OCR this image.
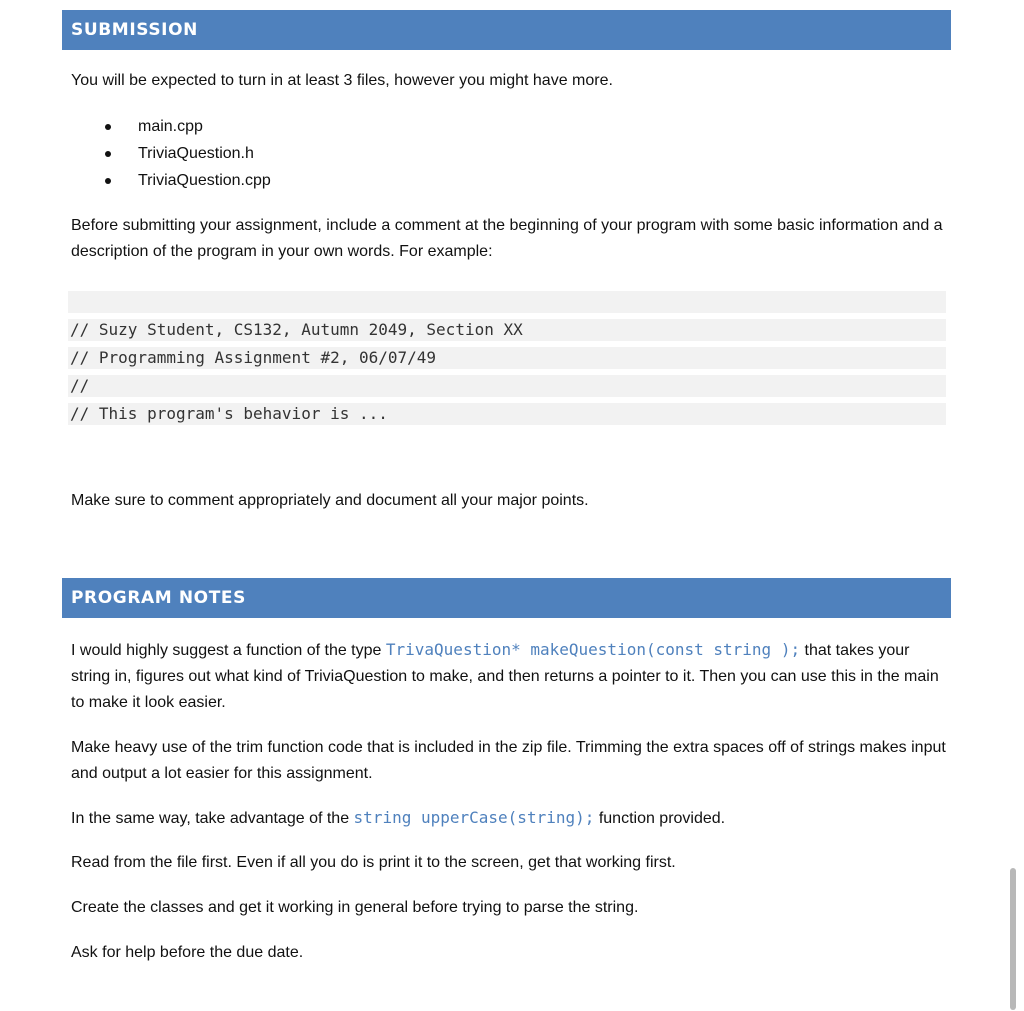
SUBMISSION

You will be expected to turn in at least 3 files, however you might have more.

main.cpp
TriviaQuestion.h
TriviaQuestion.cpp

Before submitting your assignment, include a comment at the beginning of your program with some basic information and a description of the program in your own words. For example:

// Suzy Student, CS132, Autumn 2049, Section XX
// Programming Assignment #2, 06/07/49
//
// This program's behavior is ...

Make sure to comment appropriately and document all your major points.

PROGRAM NOTES

I would highly suggest a function of the type TrivaQuestion* makeQuestion(const string ); that takes your string in, figures out what kind of TriviaQuestion to make, and then returns a pointer to it. Then you can use this in the main to make it look easier.

Make heavy use of the trim function code that is included in the zip file. Trimming the extra spaces off of strings makes input and output a lot easier for this assignment.

In the same way, take advantage of the string upperCase(string); function provided.

Read from the file first. Even if all you do is print it to the screen, get that working first.

Create the classes and get it working in general before trying to parse the string.

Ask for help before the due date.
